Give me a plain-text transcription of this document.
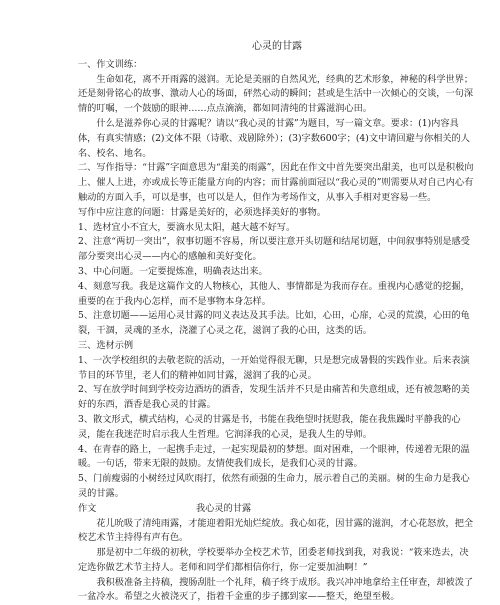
心灵的甘露

一、作文训练：

生命如花，离不开雨露的滋润。无论是美丽的自然风光，经典的艺术形象，神秘的科学世界；还是刻骨铭心的故事、激动人心的场面，砰然心动的瞬间；甚或是生活中一次倾心的交谈，一句深情的叮嘱，一个鼓励的眼神……点点滴滴，都如同清纯的甘露滋润心田。

什么是滋养你心灵的甘露呢？请以“我心灵的甘露”为题目，写一篇文章。要求：(1)内容具体，有真实情感；(2)文体不限（诗歌、戏剧除外）；(3)字数600字；(4)文中请回避与你相关的人名、校名、地名。

二、写作指导：“甘露”字面意思为“甜美的雨露”，因此在作文中首先要突出甜美，也可以是积极向上、催人上进，亦或成长等正能量方向的内容；而甘露前面冠以“我心灵的”则需要从对自己内心有触动的方面入手，可以是事，也可以是人，但作为考场作文，从事入手相对更容易一些。

写作中应注意的问题：甘露是美好的，必须选择美好的事物。

1、选材宜小不宜大，要滴水见太阳，越大越不好写。

2、注意“两切一突出”，叙事切题不容易，所以要注意开头切题和结尾切题，中间叙事特别是感受部分要突出心灵——内心的感触和美好变化。

3、中心问题。一定要提炼准，明确表达出来。

4、刻意写我。我是这篇作文的人物核心，其他人、事情都是为我而存在。重视内心感觉的挖掘，重要的在于我内心怎样，而不是事物本身怎样。

5、注意切题——运用心灵甘露的同义表达及其手法。比如，心田，心扉，心灵的荒漠，心田的龟裂，干涸，灵魂的圣水，浇灌了心灵之花，滋润了我的心田，这类的话。

三、选材示例

1、一次学校组织的去敬老院的活动，一开始觉得很无聊，只是想完成暑假的实践作业。后来表演节目的环节里，老人们的精神如同甘露，滋润了我的心灵。

2、写在放学时间到学校旁边酒坊的酒香，发现生活并不只是由痛苦和失意组成，还有被忽略的美好的东西，酒香是我心灵的甘露。

3、散文形式，横式结构，心灵的甘露是书，书能在我绝望时抚慰我，能在我焦躁时平静我的心灵，能在我迷茫时启示我人生哲理。它润泽我的心灵，是我人生的导师。

4、在青春的路上，一起携手走过，一起实现最初的梦想。面对困难，一个眼神，传递着无限的温暖。一句话，带来无限的鼓励。友情使我们成长，是我们心灵的甘露。

5、门前瘦弱的小树经过风吹雨打，依然有顽强的生命力，展示着自己的美丽。树的生命力是我心灵的甘露。

作文	我心灵的甘露

花儿吮吸了清纯雨露，才能迎着阳光灿烂绽放。我心如花，因甘露的滋润，才心花怒放，把全校艺术节主持得有声有色。

那是初中二年级的初秋，学校要举办全校艺术节，团委老师找到我，对我说：“筱来选去，决定选你做艺术节主持人。老师和同学们都相信你行，你一定要加油啊！”

我积极准备主持稿，搜肠刮肚一个礼拜，稿子终于成形。我兴冲冲地拿给主任审查，却被泼了一盆冷水。希望之火被浇灭了，指着千金重的步子挪到家——整天，绝望至极。
